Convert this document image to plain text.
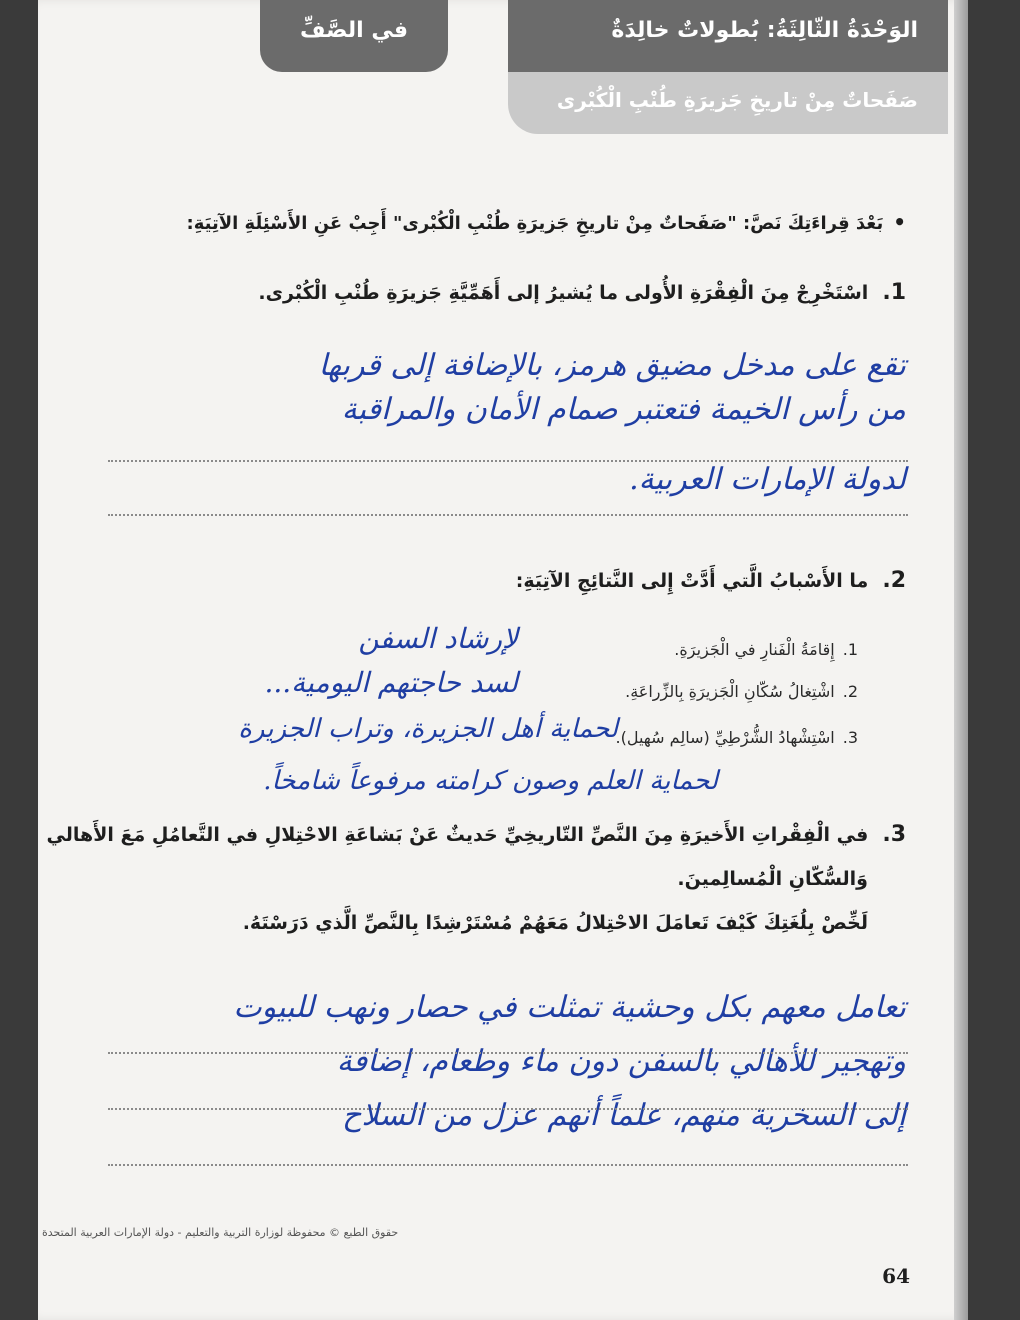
الوَحْدَةُ الثّالِثَةُ: بُطولاتٌ خالِدَةٌ
صَفَحاتٌ مِنْ تاريخِ جَزيرَةِ طُنْبِ الْكُبْرى
في الصَّفِّ
•بَعْدَ قِراءَتِكَ نَصَّ: "صَفَحاتٌ مِنْ تاريخِ جَزيرَةِ طُنْبِ الْكُبْرى" أَجِبْ عَنِ الأَسْئِلَةِ الآتِيَةِ:
1.اسْتَخْرِجْ مِنَ الْفِقْرَةِ الأُولى ما يُشيرُ إلى أَهَمِّيَّةِ جَزيرَةِ طُنْبِ الْكُبْرى.
تقع على مدخل مضيق هرمز، بالإضافة إلى قربها
من رأس الخيمة فتعتبر صمام الأمان والمراقبة
لدولة الإمارات العربية.
2.ما الأَسْبابُ الَّتي أَدَّتْ إِلى النَّتائِجِ الآتِيَةِ:
1.إِقامَةُ الْفَنارِ في الْجَزيرَةِ.
لإرشاد السفن
2.اشْتِغالُ سُكّانِ الْجَزيرَةِ بِالزِّراعَةِ.
لسد حاجتهم اليومية...
3.اسْتِشْهادُ الشُّرْطِيِّ (سالِم سُهيل).
لحماية أهل الجزيرة، وتراب الجزيرة
لحماية العلم وصون كرامته مرفوعاً شامخاً.
3.في الْفِقْراتِ الأَخيرَةِ مِنَ النَّصِّ التّاريخِيِّ حَديثٌ عَنْ بَشاعَةِ الاحْتِلالِ في التَّعامُلِ مَعَ الأَهالي
وَالسُّكّانِ الْمُسالِمينَ.
لَخِّصْ بِلُغَتِكَ كَيْفَ تَعامَلَ الاحْتِلالُ مَعَهُمْ مُسْتَرْشِدًا بِالنَّصِّ الَّذي دَرَسْتَهُ.
تعامل معهم بكل وحشية تمثلت في حصار ونهب للبيوت
وتهجير للأهالي بالسفن دون ماء وطعام، إضافة
إلى السخرية منهم، علماً أنهم عزل من السلاح
حقوق الطبع © محفوظة لوزارة التربية والتعليم - دولة الإمارات العربية المتحدة
64
